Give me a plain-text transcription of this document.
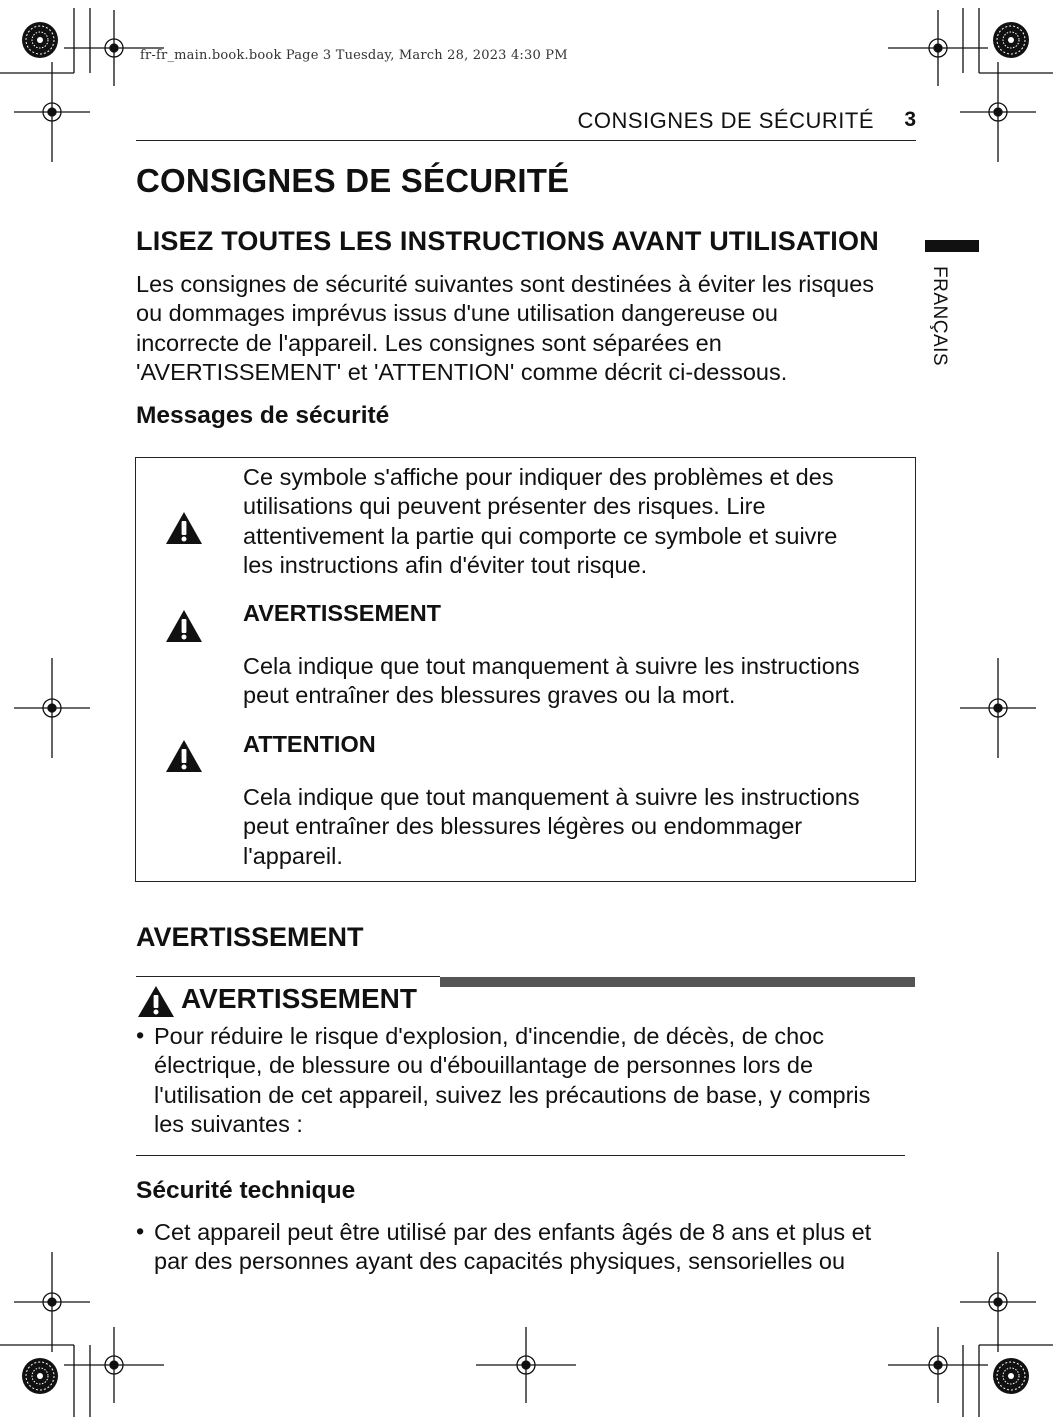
fr-fr_main.book.book Page 3 Tuesday, March 28, 2023 4:30 PM
CONSIGNES DE SÉCURITÉ 3
FRANÇAIS
CONSIGNES DE SÉCURITÉ
LISEZ TOUTES LES INSTRUCTIONS AVANT UTILISATION
Les consignes de sécurité suivantes sont destinées à éviter les risques
ou dommages imprévus issus d'une utilisation dangereuse ou
incorrecte de l'appareil. Les consignes sont séparées en
'AVERTISSEMENT' et 'ATTENTION' comme décrit ci-dessous.
Messages de sécurité
Ce symbole s'affiche pour indiquer des problèmes et des
utilisations qui peuvent présenter des risques. Lire
attentivement la partie qui comporte ce symbole et suivre
les instructions afin d'éviter tout risque.
AVERTISSEMENT
Cela indique que tout manquement à suivre les instructions
peut entraîner des blessures graves ou la mort.
ATTENTION
Cela indique que tout manquement à suivre les instructions
peut entraîner des blessures légères ou endommager
l'appareil.
AVERTISSEMENT
AVERTISSEMENT
• Pour réduire le risque d'explosion, d'incendie, de décès, de choc
électrique, de blessure ou d'ébouillantage de personnes lors de
l'utilisation de cet appareil, suivez les précautions de base, y compris
les suivantes :
Sécurité technique
• Cet appareil peut être utilisé par des enfants âgés de 8 ans et plus et
par des personnes ayant des capacités physiques, sensorielles ou
